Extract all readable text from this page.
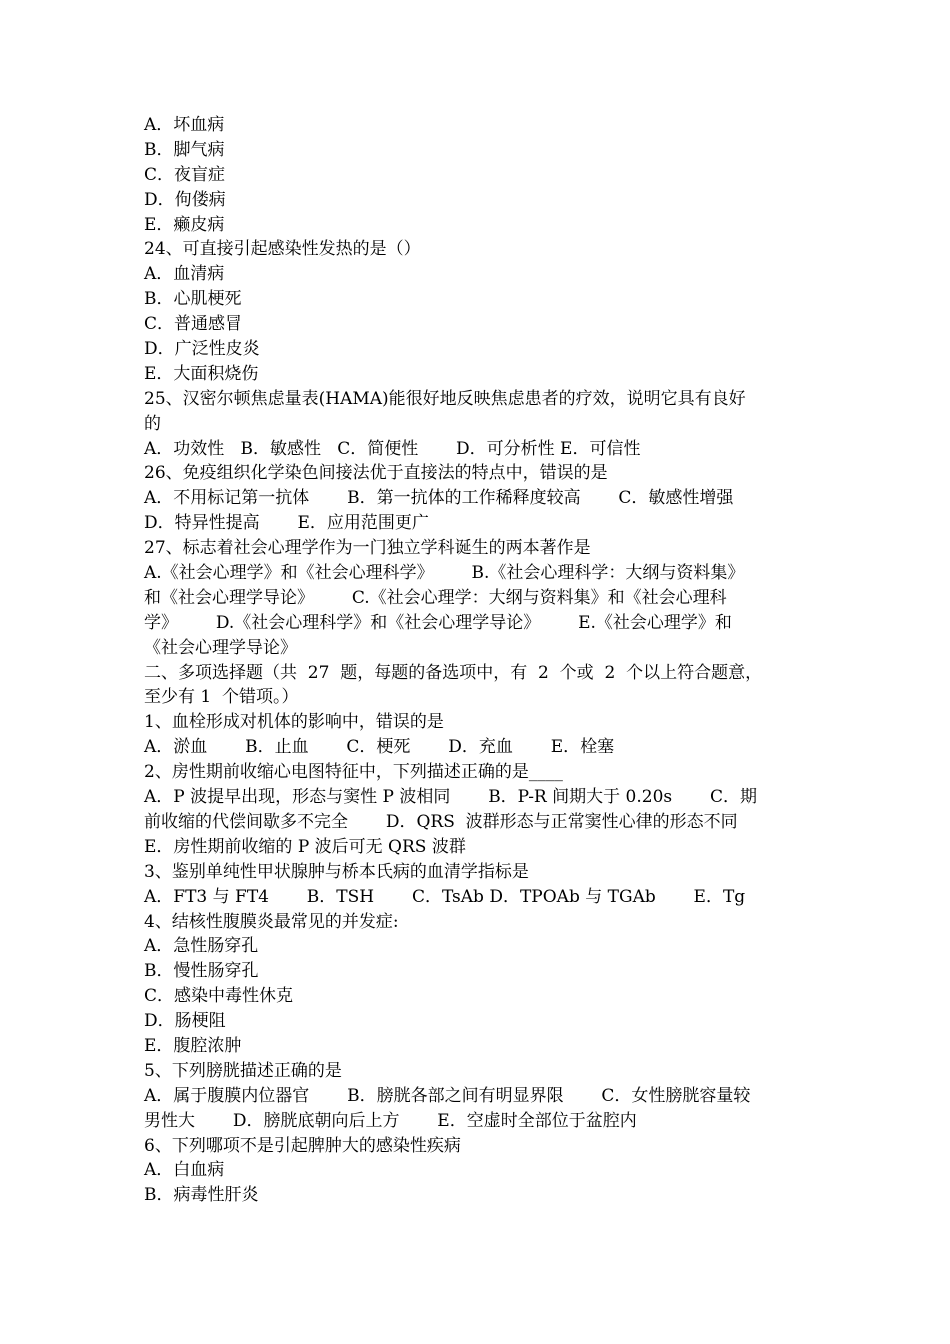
A．坏血病
B．脚气病
C．夜盲症
D．佝偻病
E．癞皮病
24、可直接引起感染性发热的是（）
A．血清病
B．心肌梗死
C．普通感冒
D．广泛性皮炎
E．大面积烧伤
25、汉密尔顿焦虑量表(HAMA)能很好地反映焦虑患者的疗效，说明它具有良好
的
A．功效性   B．敏感性   C．简便性       D．可分析性 E．可信性
26、免疫组织化学染色间接法优于直接法的特点中，错误的是
A．不用标记第一抗体       B．第一抗体的工作稀释度较高       C．敏感性增强
D．特异性提高       E．应用范围更广
27、标志着社会心理学作为一门独立学科诞生的两本著作是
A.《社会心理学》和《社会心理科学》       B.《社会心理科学：大纲与资料集》
和《社会心理学导论》       C.《社会心理学：大纲与资料集》和《社会心理科
学》       D.《社会心理科学》和《社会心理学导论》       E.《社会心理学》和
《社会心理学导论》
二、多项选择题（共  27  题，每题的备选项中，有  2  个或  2  个以上符合题意，
至少有 1  个错项。）
1、血栓形成对机体的影响中，错误的是
A．淤血       B．止血       C．梗死       D．充血       E．栓塞
2、房性期前收缩心电图特征中，下列描述正确的是____
A．P 波提早出现，形态与窦性 P 波相同       B．P-R 间期大于 0.20s       C．期
前收缩的代偿间歇多不完全       D．QRS  波群形态与正常窦性心律的形态不同
E．房性期前收缩的 P 波后可无 QRS 波群
3、鉴别单纯性甲状腺肿与桥本氏病的血清学指标是
A．FT3 与 FT4       B．TSH       C．TsAb D．TPOAb 与 TGAb       E．Tg
4、结核性腹膜炎最常见的并发症:
A．急性肠穿孔
B．慢性肠穿孔
C．感染中毒性休克
D．肠梗阻
E．腹腔浓肿
5、下列膀胱描述正确的是
A．属于腹膜内位器官       B．膀胱各部之间有明显界限       C．女性膀胱容量较
男性大       D．膀胱底朝向后上方       E．空虚时全部位于盆腔内
6、下列哪项不是引起脾肿大的感染性疾病
A．白血病
B．病毒性肝炎
